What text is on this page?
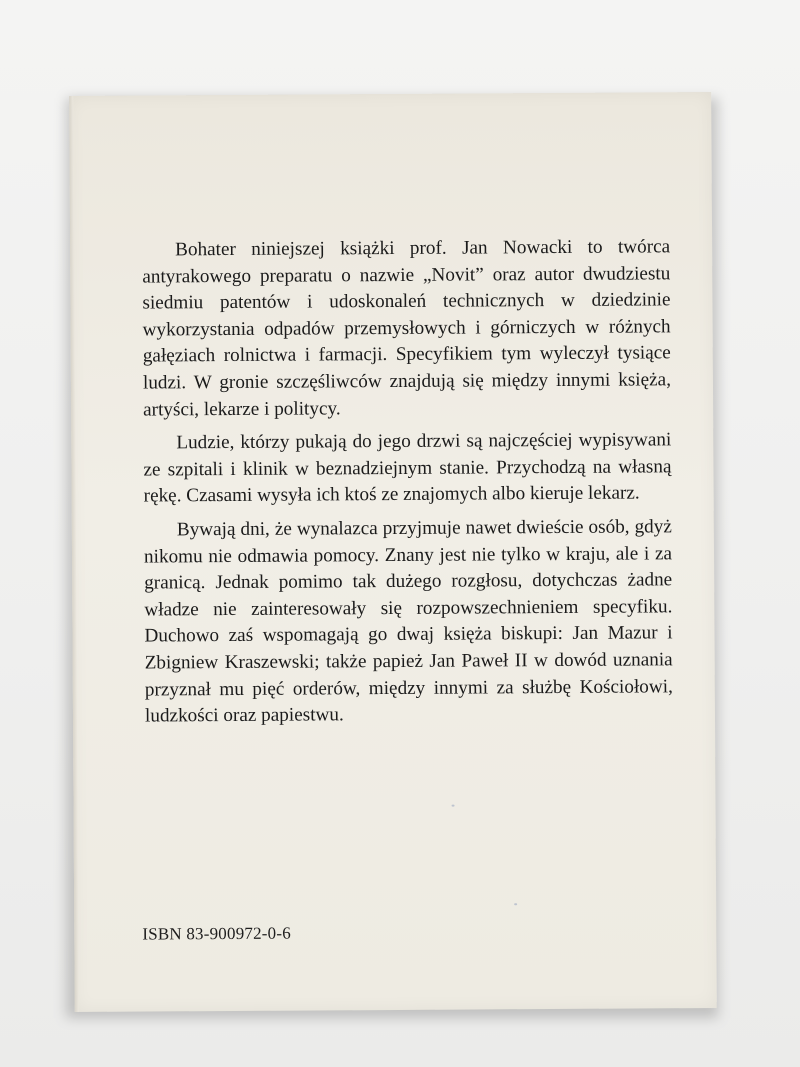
Bohater niniejszej książki prof. Jan Nowacki to twórca antyrakowego preparatu o nazwie „Novit” oraz autor dwudziestu siedmiu patentów i udoskonaleń technicznych w dziedzinie wykorzystania odpadów przemysłowych i górniczych w różnych gałęziach rolnictwa i farmacji. Specyfikiem tym wyleczył tysiące ludzi. W gronie szczęśliwców znajdują się między innymi księża, artyści, lekarze i politycy.

Ludzie, którzy pukają do jego drzwi są najczęściej wypisywani ze szpitali i klinik w beznadziejnym stanie. Przychodzą na własną rękę. Czasami wysyła ich ktoś ze znajomych albo kieruje lekarz.

Bywają dni, że wynalazca przyjmuje nawet dwieście osób, gdyż nikomu nie odmawia pomocy. Znany jest nie tylko w kraju, ale i za granicą. Jednak pomimo tak dużego rozgłosu, dotychczas żadne władze nie zainteresowały się rozpowszechnieniem specyfiku. Duchowo zaś wspomagają go dwaj księża biskupi: Jan Mazur i Zbigniew Kraszewski; także papież Jan Paweł II w dowód uznania przyznał mu pięć orderów, między innymi za służbę Kościołowi, ludzkości oraz papiestwu.

ISBN 83-900972-0-6
